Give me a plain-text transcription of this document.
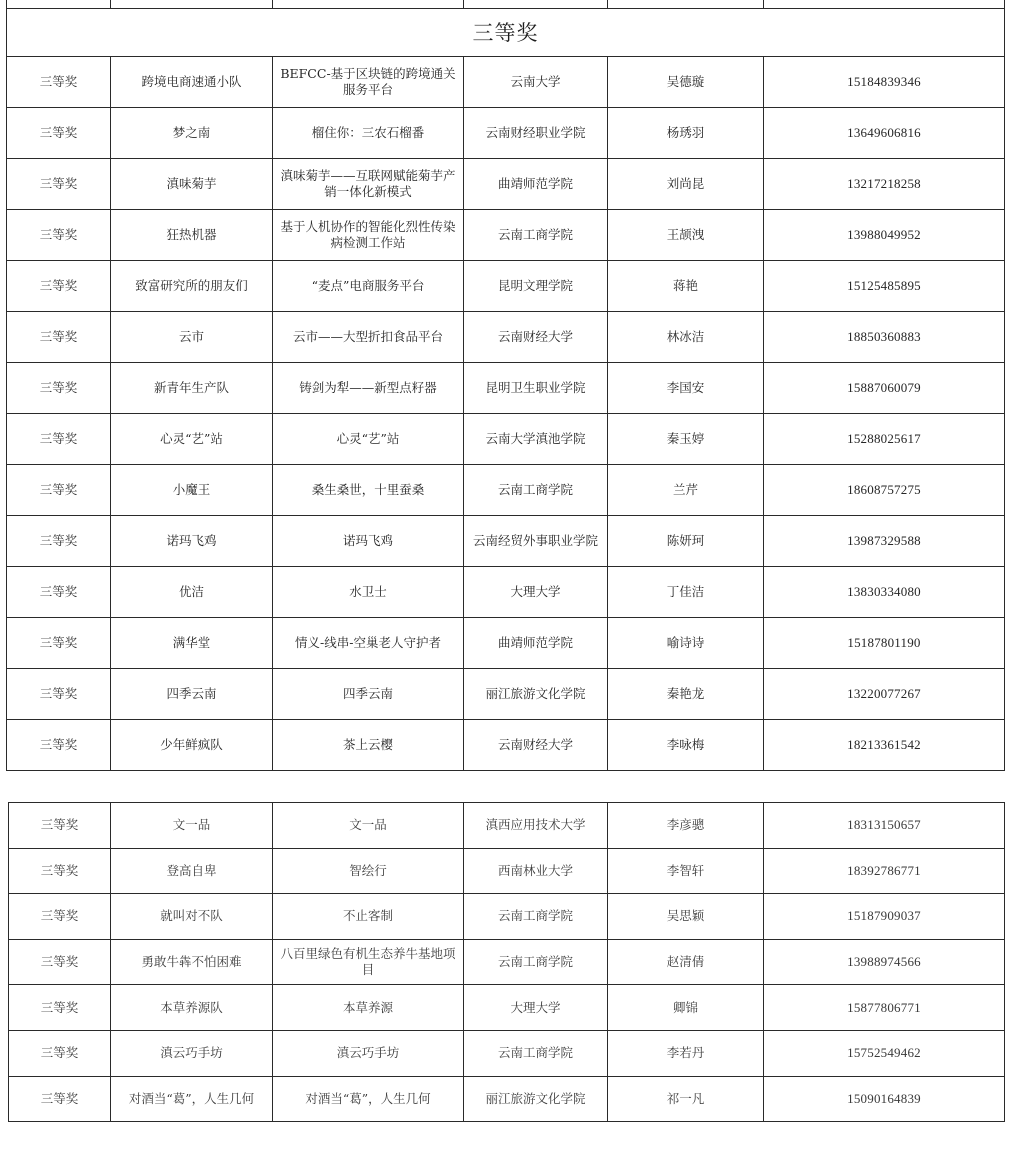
三等奖					
三等奖	跨境电商速通小队	BEFCC-基于区块链的跨境通关服务平台	云南大学	吴德璇	15184839346
三等奖	梦之南	榴住你：三农石榴番	云南财经职业学院	杨琇羽	13649606816
三等奖	滇味菊芋	滇味菊芋——互联网赋能菊芋产销一体化新模式	曲靖师范学院	刘尚昆	13217218258
三等奖	狂热机器	基于人机协作的智能化烈性传染病检测工作站	云南工商学院	王颉洩	13988049952
三等奖	致富研究所的朋友们	“麦点”电商服务平台	昆明文理学院	蒋艳	15125485895
三等奖	云市	云市——大型折扣食品平台	云南财经大学	林冰洁	18850360883
三等奖	新青年生产队	铸剑为犁——新型点籽器	昆明卫生职业学院	李国安	15887060079
三等奖	心灵“艺”站	心灵“艺”站	云南大学滇池学院	秦玉婷	15288025617
三等奖	小魔王	桑生桑世，十里蚕桑	云南工商学院	兰芹	18608757275
三等奖	诺玛飞鸡	诺玛飞鸡	云南经贸外事职业学院	陈妍珂	13987329588
三等奖	优洁	水卫士	大理大学	丁佳洁	13830334080
三等奖	满华堂	情义-线串-空巢老人守护者	曲靖师范学院	喻诗诗	15187801190
三等奖	四季云南	四季云南	丽江旅游文化学院	秦艳龙	13220077267
三等奖	少年鲜疯队	茶上云樱	云南财经大学	李咏梅	18213361542
三等奖	文一品	文一品	滇西应用技术大学	李彦骢	18313150657
三等奖	登高自卑	智绘行	西南林业大学	李智轩	18392786771
三等奖	就叫对不队	不止客制	云南工商学院	吴思颖	15187909037
三等奖	勇敢牛犇不怕困难	八百里绿色有机生态养牛基地项目	云南工商学院	赵清倩	13988974566
三等奖	本草养源队	本草养源	大理大学	卿锦	15877806771
三等奖	滇云巧手坊	滇云巧手坊	云南工商学院	李若丹	15752549462
三等奖	对酒当“葛”，人生几何	对酒当“葛”，人生几何	丽江旅游文化学院	祁一凡	15090164839
